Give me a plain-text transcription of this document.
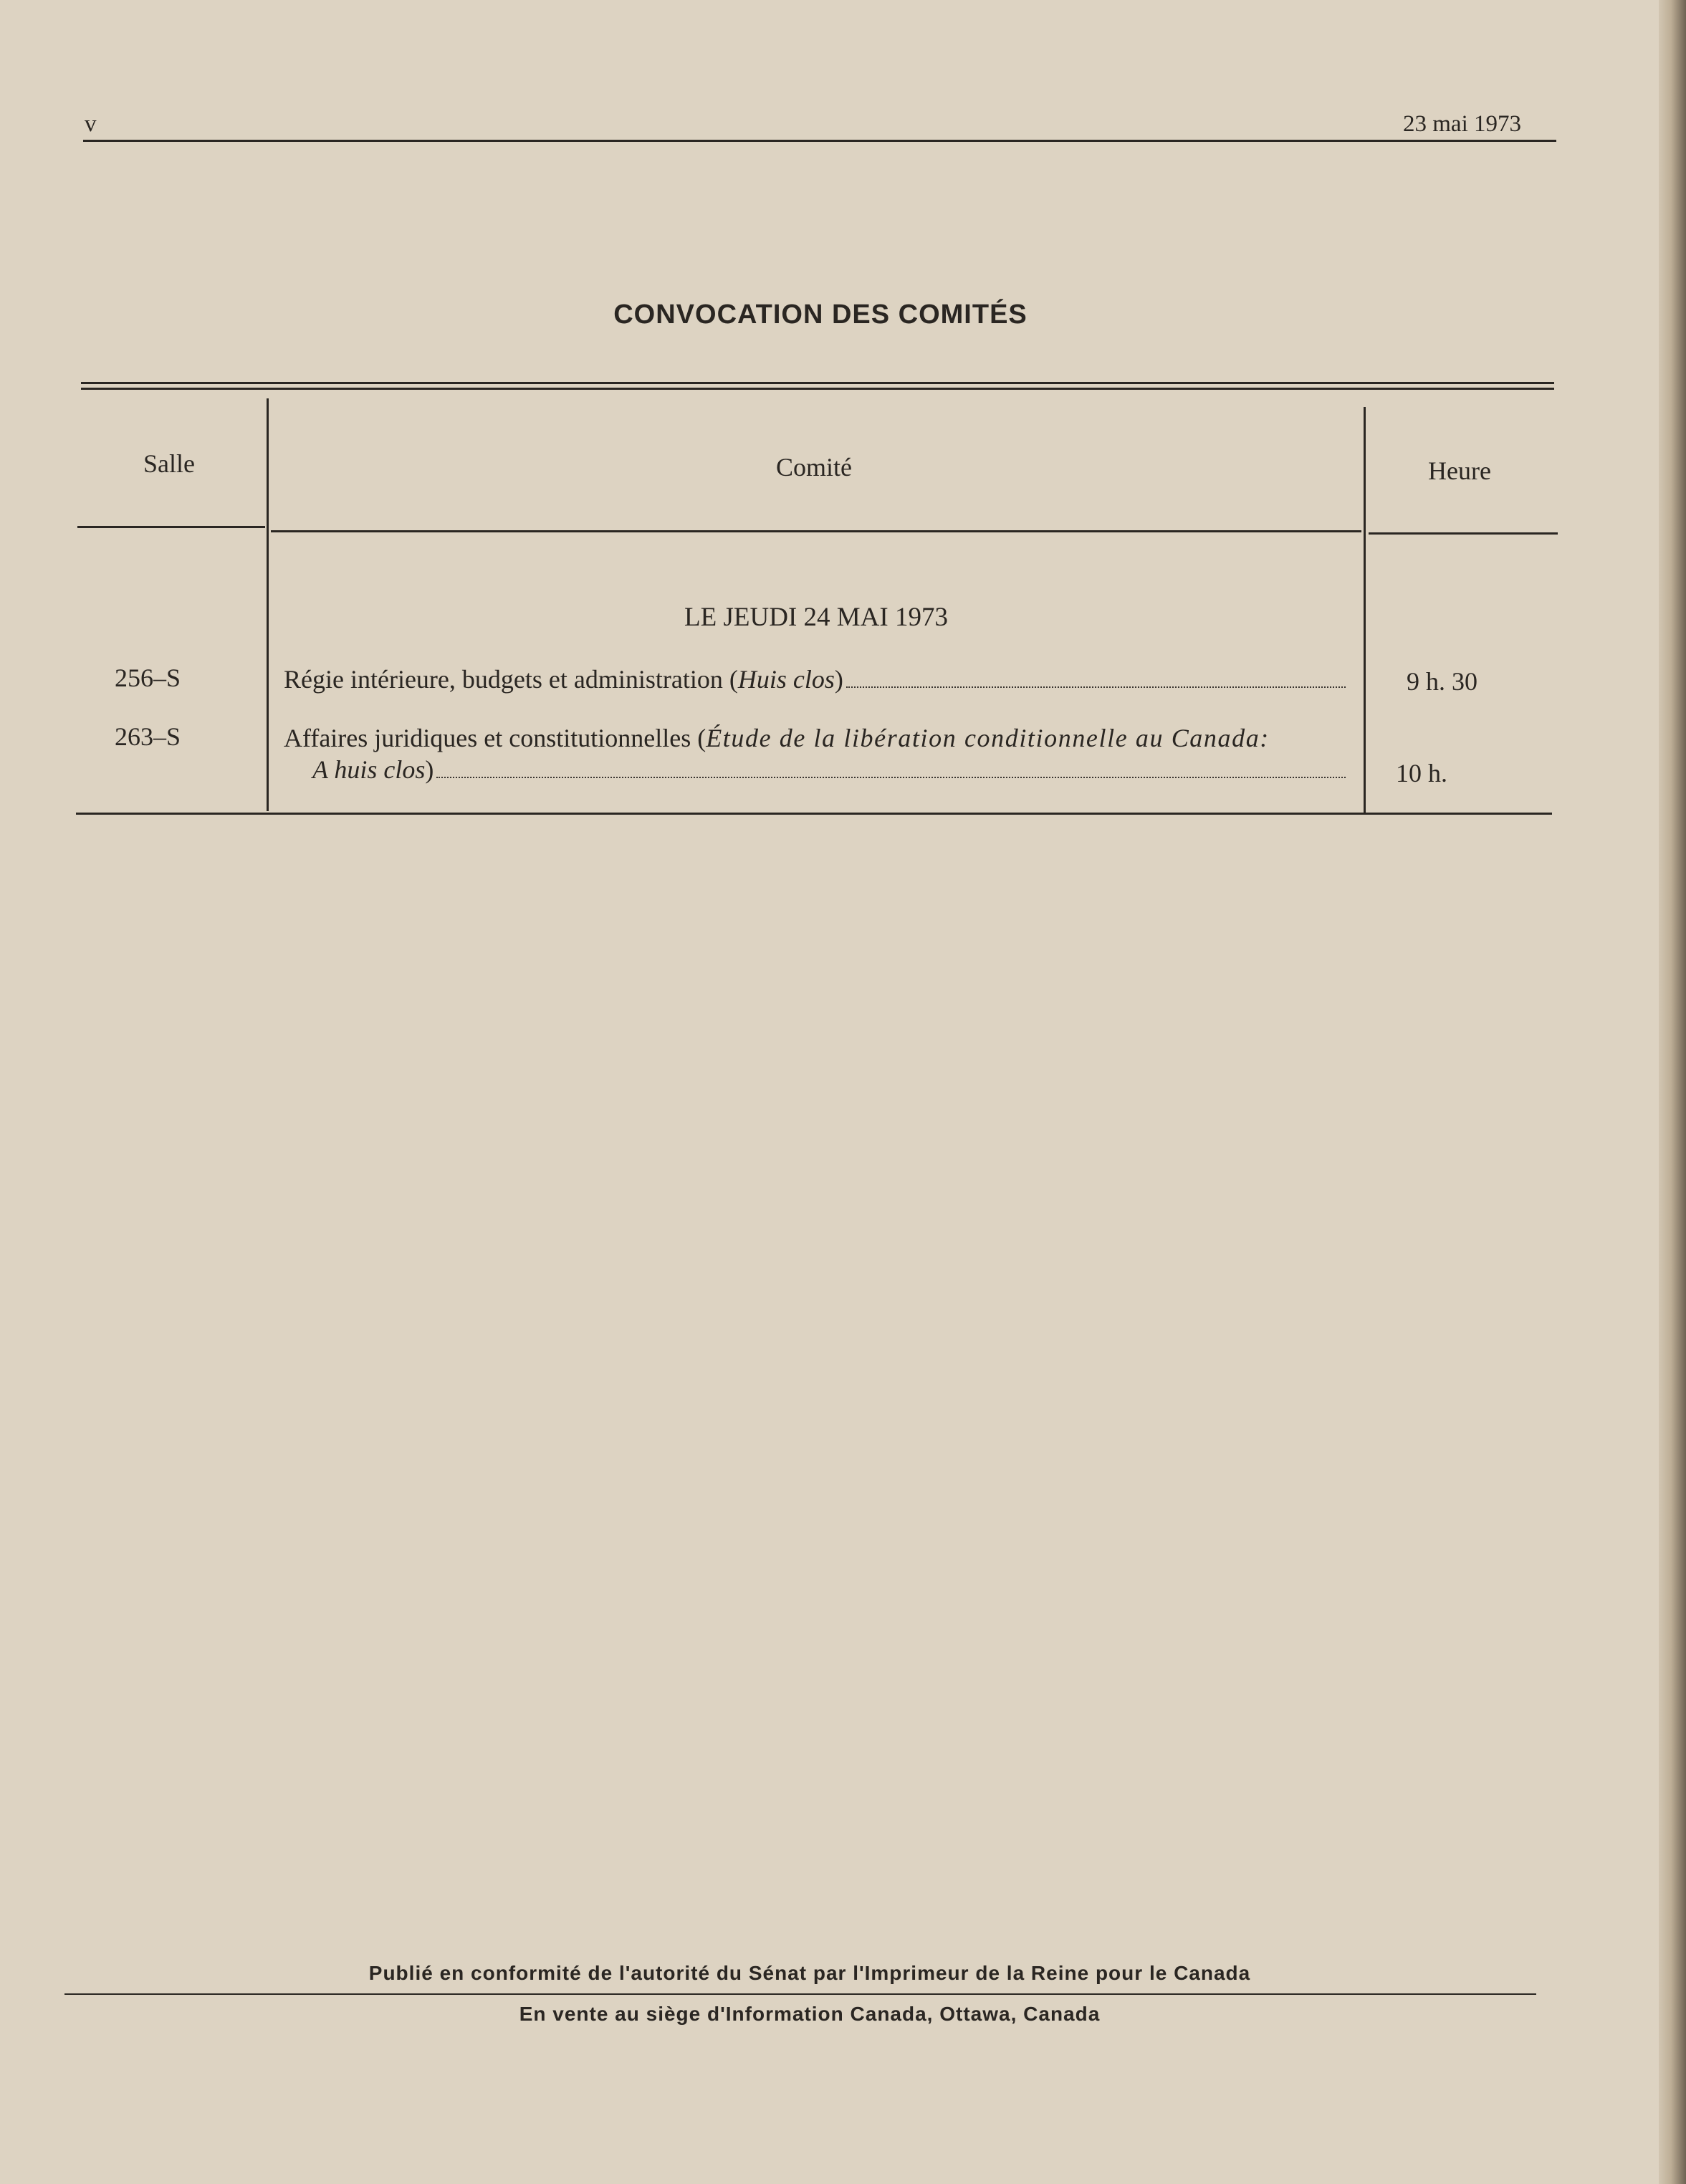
v	23 mai 1973
CONVOCATION DES COMITÉS
Salle	Comité	Heure
LE JEUDI 24 MAI 1973
256–S	Régie intérieure, budgets et administration (Huis clos)	9 h. 30
263–S	Affaires juridiques et constitutionnelles (Étude de la libération conditionnelle au Canada:
A huis clos)	10 h.
Publié en conformité de l'autorité du Sénat par l'Imprimeur de la Reine pour le Canada
En vente au siège d'Information Canada, Ottawa, Canada
